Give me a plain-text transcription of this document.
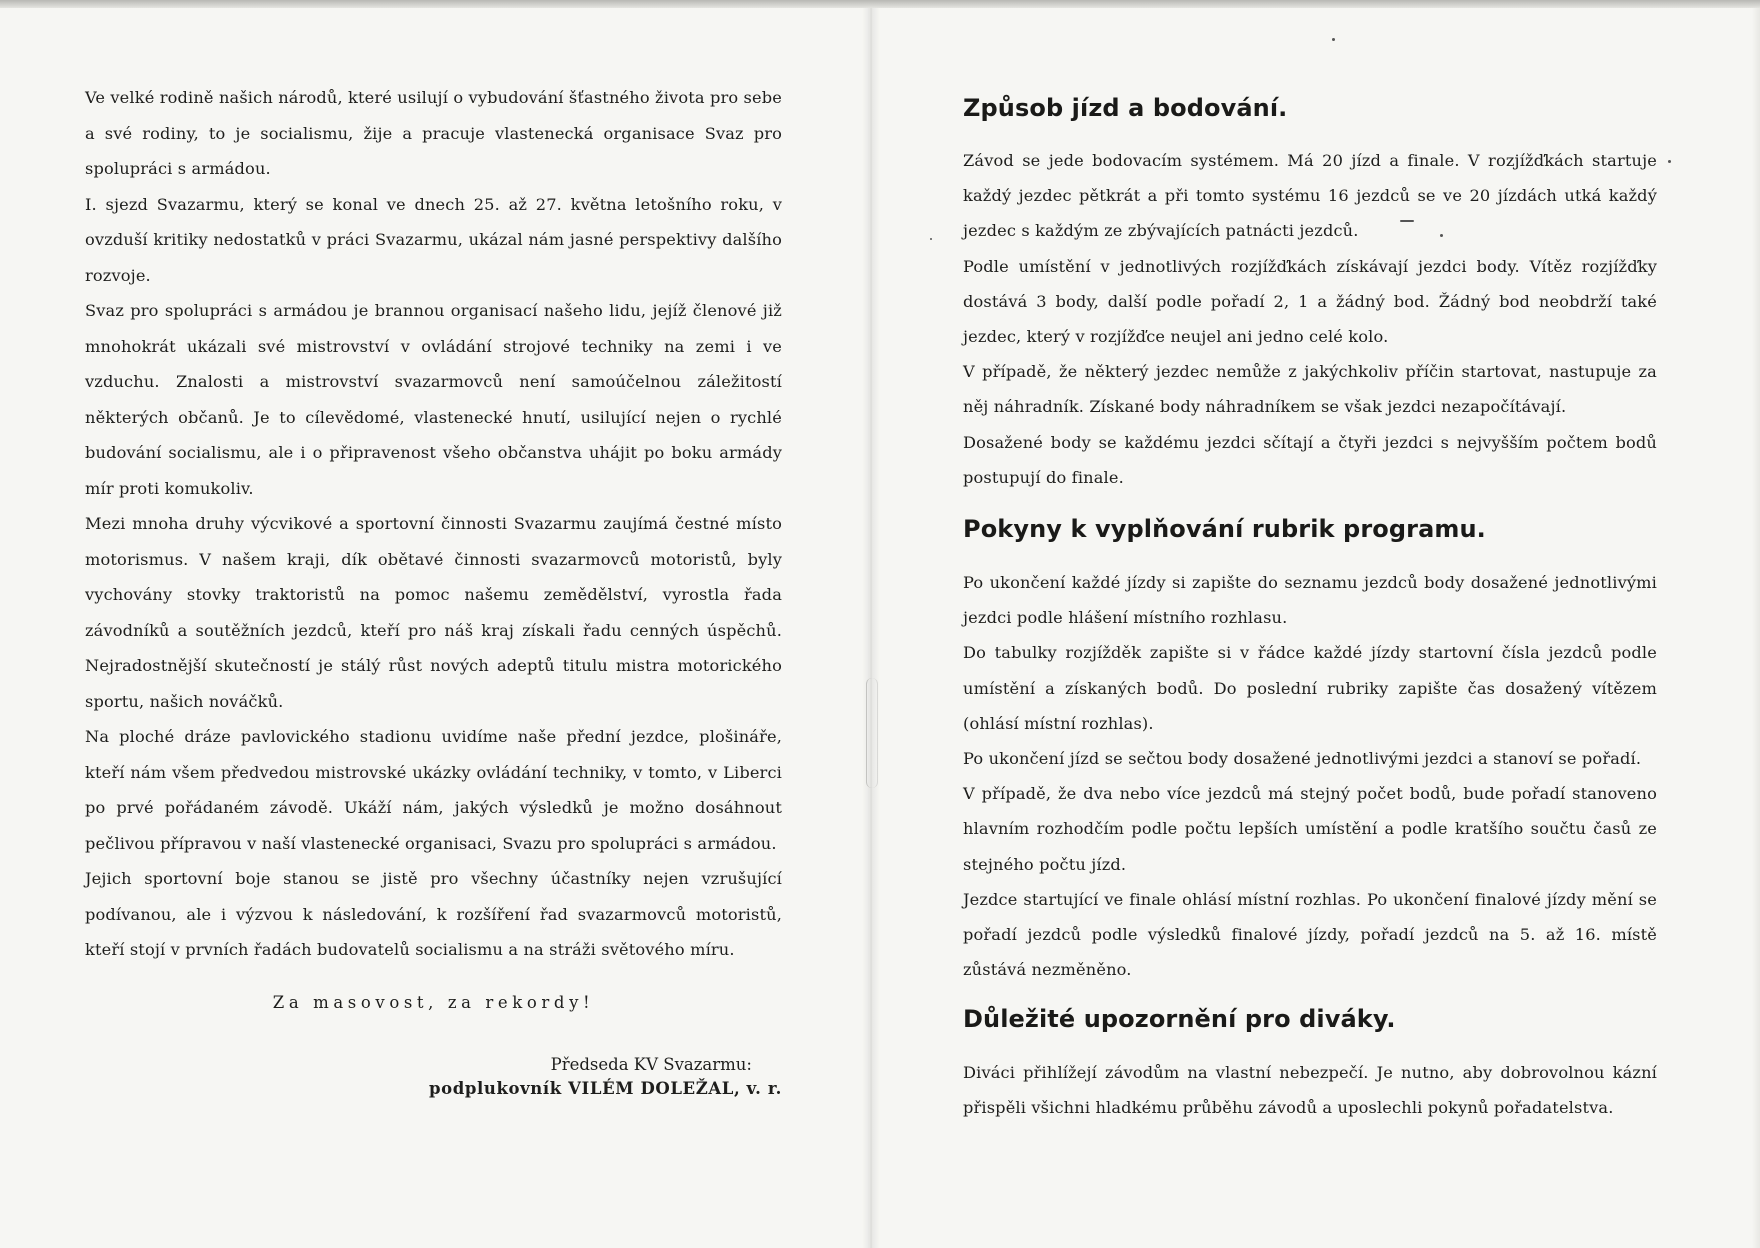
Ve velké rodině našich národů, které usilují o vybudování šťastného života pro sebe a své rodiny, to je socialismu, žije a pracuje vlastenecká organisace Svaz pro spolupráci s armádou.

I. sjezd Svazarmu, který se konal ve dnech 25. až 27. května letošního roku, v ovzduší kritiky nedostatků v práci Svazarmu, ukázal nám jasné perspektivy dalšího rozvoje.

Svaz pro spolupráci s armádou je brannou organisací našeho lidu, jejíž členové již mnohokrát ukázali své mistrovství v ovládání strojové techniky na zemi i ve vzduchu. Znalosti a mistrovství svazarmovců není samoúčelnou záležitostí některých občanů. Je to cílevědomé, vlastenecké hnutí, usilující nejen o rychlé budování socialismu, ale i o připravenost všeho občanstva uhájit po boku armády mír proti komukoliv.

Mezi mnoha druhy výcvikové a sportovní činnosti Svazarmu zaujímá čestné místo motorismus. V našem kraji, dík obětavé činnosti svazarmovců motoristů, byly vychovány stovky traktoristů na pomoc našemu zemědělství, vyrostla řada závodníků a soutěžních jezdců, kteří pro náš kraj získali řadu cenných úspěchů. Nejradostnější skutečností je stálý růst nových adeptů titulu mistra motorického sportu, našich nováčků.

Na ploché dráze pavlovického stadionu uvidíme naše přední jezdce, plošináře, kteří nám všem předvedou mistrovské ukázky ovládání techniky, v tomto, v Liberci po prvé pořádaném závodě. Ukáží nám, jakých výsledků je možno dosáhnout pečlivou přípravou v naší vlastenecké organisaci, Svazu pro spolupráci s armádou.

Jejich sportovní boje stanou se jistě pro všechny účastníky nejen vzrušující podívanou, ale i výzvou k následování, k rozšíření řad svazarmovců motoristů, kteří stojí v prvních řadách budovatelů socialismu a na stráži světového míru.

Za masovost, za rekordy!
Předseda KV Svazarmu:
podplukovník VILÉM DOLEŽAL, v. r.
Způsob jízd a bodování.

Závod se jede bodovacím systémem. Má 20 jízd a finale. V rozjížďkách startuje každý jezdec pětkrát a při tomto systému 16 jezdců se ve 20 jízdách utká každý jezdec s každým ze zbývajících patnácti jezdců.

Podle umístění v jednotlivých rozjížďkách získávají jezdci body. Vítěz rozjížďky dostává 3 body, další podle pořadí 2, 1 a žádný bod. Žádný bod neobdrží také jezdec, který v rozjížďce neujel ani jedno celé kolo.

V případě, že některý jezdec nemůže z jakýchkoliv příčin startovat, nastupuje za něj náhradník. Získané body náhradníkem se však jezdci nezapočítávají.

Dosažené body se každému jezdci sčítají a čtyři jezdci s nejvyšším počtem bodů postupují do finale.

Pokyny k vyplňování rubrik programu.

Po ukončení každé jízdy si zapište do seznamu jezdců body dosažené jednotlivými jezdci podle hlášení místního rozhlasu.

Do tabulky rozjížděk zapište si v řádce každé jízdy startovní čísla jezdců podle umístění a získaných bodů. Do poslední rubriky zapište čas dosažený vítězem (ohlásí místní rozhlas).

Po ukončení jízd se sečtou body dosažené jednotlivými jezdci a stanoví se pořadí.

V případě, že dva nebo více jezdců má stejný počet bodů, bude pořadí stanoveno hlavním rozhodčím podle počtu lepších umístění a podle kratšího součtu časů ze stejného počtu jízd.

Jezdce startující ve finale ohlásí místní rozhlas. Po ukončení finalové jízdy mění se pořadí jezdců podle výsledků finalové jízdy, pořadí jezdců na 5. až 16. místě zůstává nezměněno.

Důležité upozornění pro diváky.

Diváci přihlížejí závodům na vlastní nebezpečí. Je nutno, aby dobrovolnou kázní přispěli všichni hladkému průběhu závodů a uposlechli pokynů pořadatelstva.
